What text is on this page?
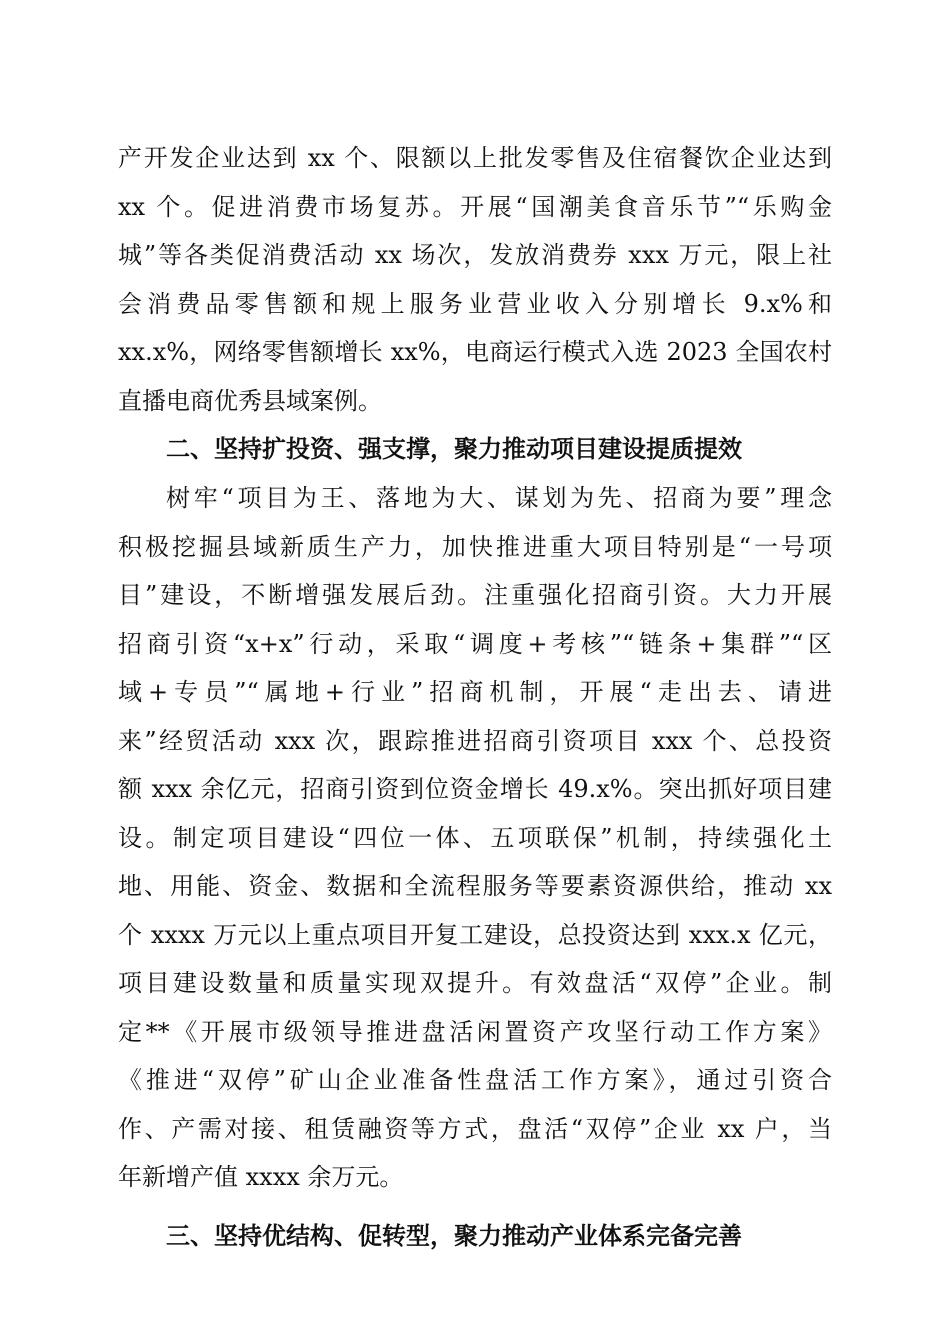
产开发企业达到 xx 个、限额以上批发零售及住宿餐饮企业达到
xx 个。促进消费市场复苏。开展“国潮美食音乐节”“乐购金
城”等各类促消费活动 xx 场次，发放消费券 xxx 万元，限上社
会消费品零售额和规上服务业营业收入分别增长 9.x%和
xx.x%，网络零售额增长 xx%，电商运行模式入选 2023 全国农村
直播电商优秀县域案例。
二、坚持扩投资、强支撑，聚力推动项目建设提质提效
树牢“项目为王、落地为大、谋划为先、招商为要”理念
积极挖掘县域新质生产力，加快推进重大项目特别是“一号项
目”建设，不断增强发展后劲。注重强化招商引资。大力开展
招商引资“x+x”行动，采取“调度+考核”“链条+集群”“区
域+专员”“属地+行业”招商机制，开展“走出去、请进
来”经贸活动 xxx 次，跟踪推进招商引资项目 xxx 个、总投资
额 xxx 余亿元，招商引资到位资金增长 49.x%。突出抓好项目建
设。制定项目建设“四位一体、五项联保”机制，持续强化土
地、用能、资金、数据和全流程服务等要素资源供给，推动 xx
个 xxxx 万元以上重点项目开复工建设，总投资达到 xxx.x 亿元，
项目建设数量和质量实现双提升。有效盘活“双停”企业。制
定**《开展市级领导推进盘活闲置资产攻坚行动工作方案》
《推进“双停”矿山企业准备性盘活工作方案》，通过引资合
作、产需对接、租赁融资等方式，盘活“双停”企业 xx 户，当
年新增产值 xxxx 余万元。
三、坚持优结构、促转型，聚力推动产业体系完备完善
